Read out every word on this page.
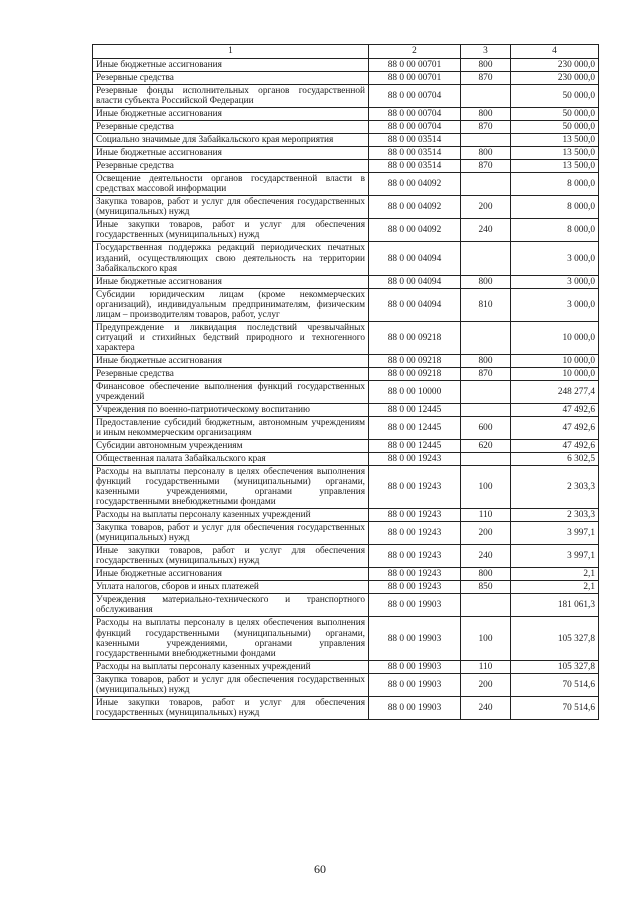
1	2	3	4
Иные бюджетные ассигнования	88 0 00 00701	800	230 000,0
Резервные средства	88 0 00 00701	870	230 000,0
Резервные фонды исполнительных органов государственной власти субъекта Российской Федерации	88 0 00 00704		50 000,0
Иные бюджетные ассигнования	88 0 00 00704	800	50 000,0
Резервные средства	88 0 00 00704	870	50 000,0
Социально значимые для Забайкальского края мероприятия	88 0 00 03514		13 500,0
Иные бюджетные ассигнования	88 0 00 03514	800	13 500,0
Резервные средства	88 0 00 03514	870	13 500,0
Освещение деятельности органов государственной власти в средствах массовой информации	88 0 00 04092		8 000,0
Закупка товаров, работ и услуг для обеспечения государственных (муниципальных) нужд	88 0 00 04092	200	8 000,0
Иные закупки товаров, работ и услуг для обеспечения государственных (муниципальных) нужд	88 0 00 04092	240	8 000,0
Государственная поддержка редакций периодических печатных изданий, осуществляющих свою деятельность на территории Забайкальского края	88 0 00 04094		3 000,0
Иные бюджетные ассигнования	88 0 00 04094	800	3 000,0
Субсидии юридическим лицам (кроме некоммерческих организаций), индивидуальным предпринимателям, физическим лицам – производителям товаров, работ, услуг	88 0 00 04094	810	3 000,0
Предупреждение и ликвидация последствий чрезвычайных ситуаций и стихийных бедствий природного и техногенного характера	88 0 00 09218		10 000,0
Иные бюджетные ассигнования	88 0 00 09218	800	10 000,0
Резервные средства	88 0 00 09218	870	10 000,0
Финансовое обеспечение выполнения функций государственных учреждений	88 0 00 10000		248 277,4
Учреждения по военно-патриотическому воспитанию	88 0 00 12445		47 492,6
Предоставление субсидий бюджетным, автономным учреждениям и иным некоммерческим организациям	88 0 00 12445	600	47 492,6
Субсидии автономным учреждениям	88 0 00 12445	620	47 492,6
Общественная палата Забайкальского края	88 0 00 19243		6 302,5
Расходы на выплаты персоналу в целях обеспечения выполнения функций государственными (муниципальными) органами, казенными учреждениями, органами управления государственными внебюджетными фондами	88 0 00 19243	100	2 303,3
Расходы на выплаты персоналу казенных учреждений	88 0 00 19243	110	2 303,3
Закупка товаров, работ и услуг для обеспечения государственных (муниципальных) нужд	88 0 00 19243	200	3 997,1
Иные закупки товаров, работ и услуг для обеспечения государственных (муниципальных) нужд	88 0 00 19243	240	3 997,1
Иные бюджетные ассигнования	88 0 00 19243	800	2,1
Уплата налогов, сборов и иных платежей	88 0 00 19243	850	2,1
Учреждения материально-технического и транспортного обслуживания	88 0 00 19903		181 061,3
Расходы на выплаты персоналу в целях обеспечения выполнения функций государственными (муниципальными) органами, казенными учреждениями, органами управления государственными внебюджетными фондами	88 0 00 19903	100	105 327,8
Расходы на выплаты персоналу казенных учреждений	88 0 00 19903	110	105 327,8
Закупка товаров, работ и услуг для обеспечения государственных (муниципальных) нужд	88 0 00 19903	200	70 514,6
Иные закупки товаров, работ и услуг для обеспечения государственных (муниципальных) нужд	88 0 00 19903	240	70 514,6
60
